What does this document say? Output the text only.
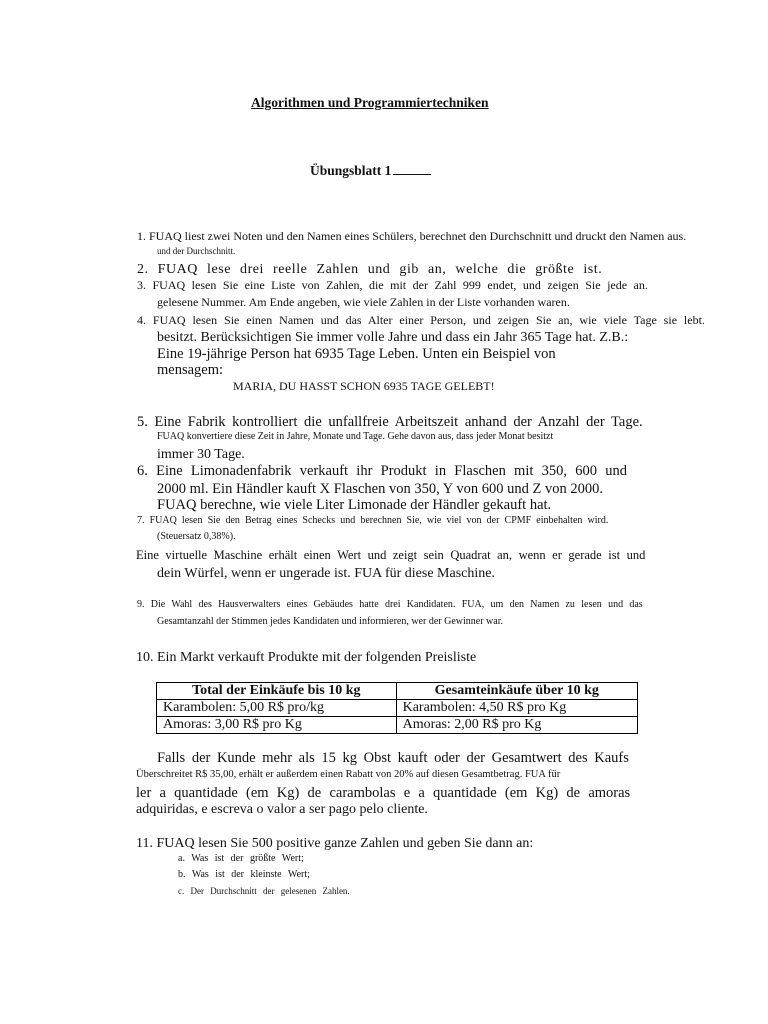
Algorithmen und Programmiertechniken
Übungsblatt 1
1. FUAQ liest zwei Noten und den Namen eines Schülers, berechnet den Durchschnitt und druckt den Namen aus.
und der Durchschnitt.
2. FUAQ lese drei reelle Zahlen und gib an, welche die größte ist.
3. FUAQ lesen Sie eine Liste von Zahlen, die mit der Zahl 999 endet, und zeigen Sie jede an.
gelesene Nummer. Am Ende angeben, wie viele Zahlen in der Liste vorhanden waren.
4. FUAQ lesen Sie einen Namen und das Alter einer Person, und zeigen Sie an, wie viele Tage sie lebt.
besitzt. Berücksichtigen Sie immer volle Jahre und dass ein Jahr 365 Tage hat. Z.B.:
Eine 19-jährige Person hat 6935 Tage Leben. Unten ein Beispiel von
mensagem:
MARIA, DU HASST SCHON 6935 TAGE GELEBT!
5. Eine Fabrik kontrolliert die unfallfreie Arbeitszeit anhand der Anzahl der Tage.
FUAQ konvertiere diese Zeit in Jahre, Monate und Tage. Gehe davon aus, dass jeder Monat besitzt
immer 30 Tage.
6. Eine Limonadenfabrik verkauft ihr Produkt in Flaschen mit 350, 600 und
2000 ml. Ein Händler kauft X Flaschen von 350, Y von 600 und Z von 2000.
FUAQ berechne, wie viele Liter Limonade der Händler gekauft hat.
7. FUAQ lesen Sie den Betrag eines Schecks und berechnen Sie, wie viel von der CPMF einbehalten wird.
(Steuersatz 0,38%).
Eine virtuelle Maschine erhält einen Wert und zeigt sein Quadrat an, wenn er gerade ist und
dein Würfel, wenn er ungerade ist. FUA für diese Maschine.
9. Die Wahl des Hausverwalters eines Gebäudes hatte drei Kandidaten. FUA, um den Namen zu lesen und das
Gesamtanzahl der Stimmen jedes Kandidaten und informieren, wer der Gewinner war.
10. Ein Markt verkauft Produkte mit der folgenden Preisliste
Total der Einkäufe bis 10 kg	Gesamteinkäufe über 10 kg
Karambolen: 5,00 R$ pro/kg	Karambolen: 4,50 R$ pro Kg
Amoras: 3,00 R$ pro Kg	Amoras: 2,00 R$ pro Kg
Falls der Kunde mehr als 15 kg Obst kauft oder der Gesamtwert des Kaufs
Überschreitet R$ 35,00, erhält er außerdem einen Rabatt von 20% auf diesen Gesamtbetrag. FUA für
ler a quantidade (em Kg) de carambolas e a quantidade (em Kg) de amoras
adquiridas, e escreva o valor a ser pago pelo cliente.
11. FUAQ lesen Sie 500 positive ganze Zahlen und geben Sie dann an:
a. Was ist der größte Wert;
b. Was ist der kleinste Wert;
c. Der Durchschnitt der gelesenen Zahlen.
